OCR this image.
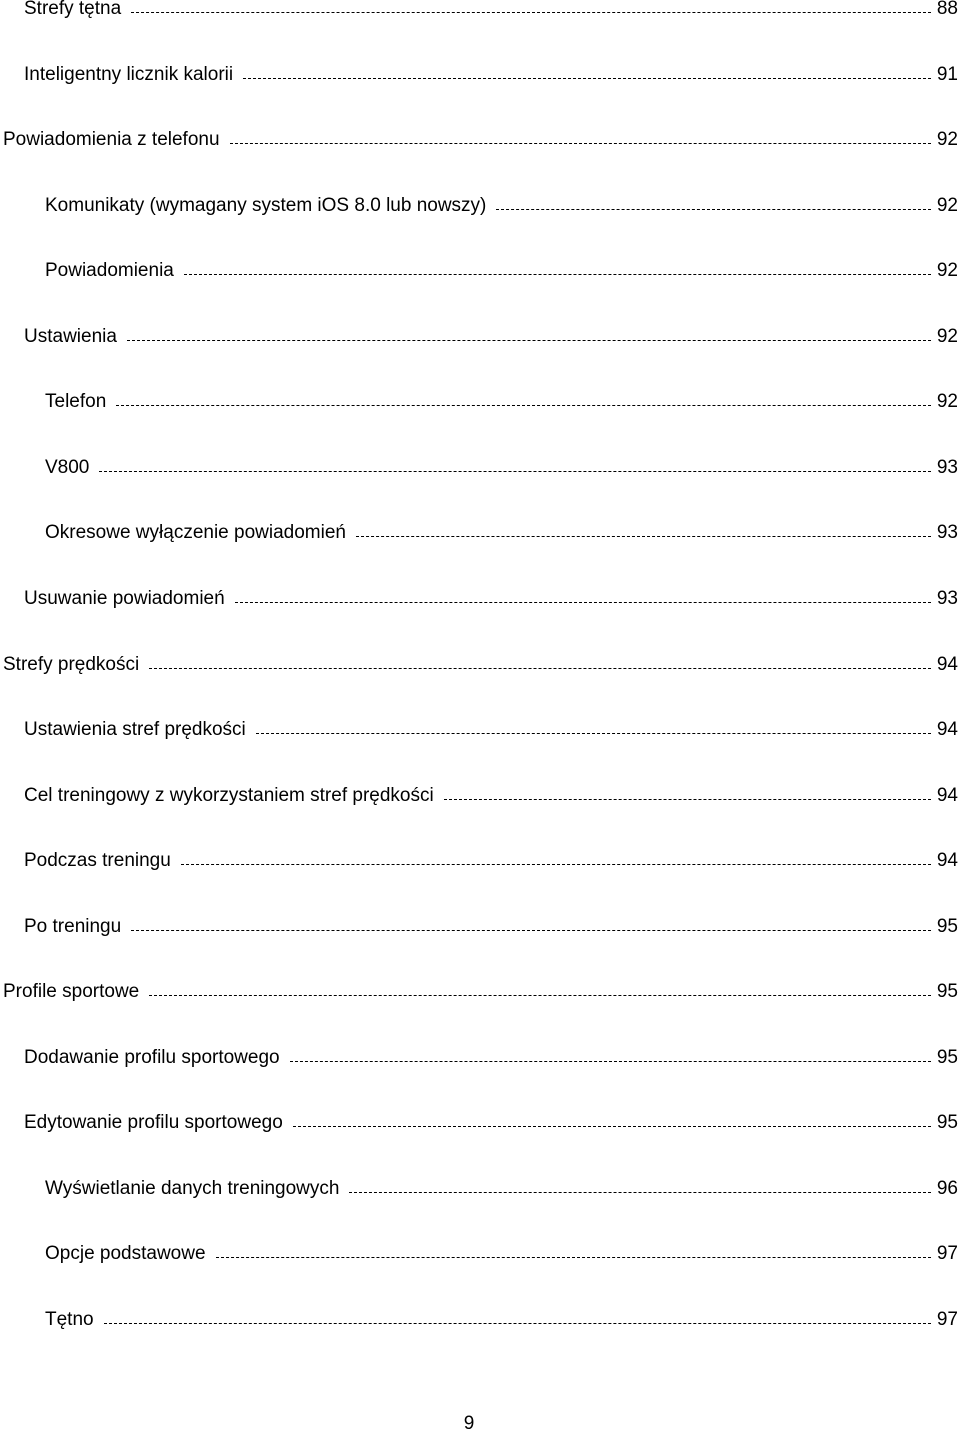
Strefy tętna	88
Inteligentny licznik kalorii	91
Powiadomienia z telefonu	92
Komunikaty (wymagany system iOS 8.0 lub nowszy)	92
Powiadomienia	92
Ustawienia	92
Telefon	92
V800	93
Okresowe wyłączenie powiadomień	93
Usuwanie powiadomień	93
Strefy prędkości	94
Ustawienia stref prędkości	94
Cel treningowy z wykorzystaniem stref prędkości	94
Podczas treningu	94
Po treningu	95
Profile sportowe	95
Dodawanie profilu sportowego	95
Edytowanie profilu sportowego	95
Wyświetlanie danych treningowych	96
Opcje podstawowe	97
Tętno	97
9
